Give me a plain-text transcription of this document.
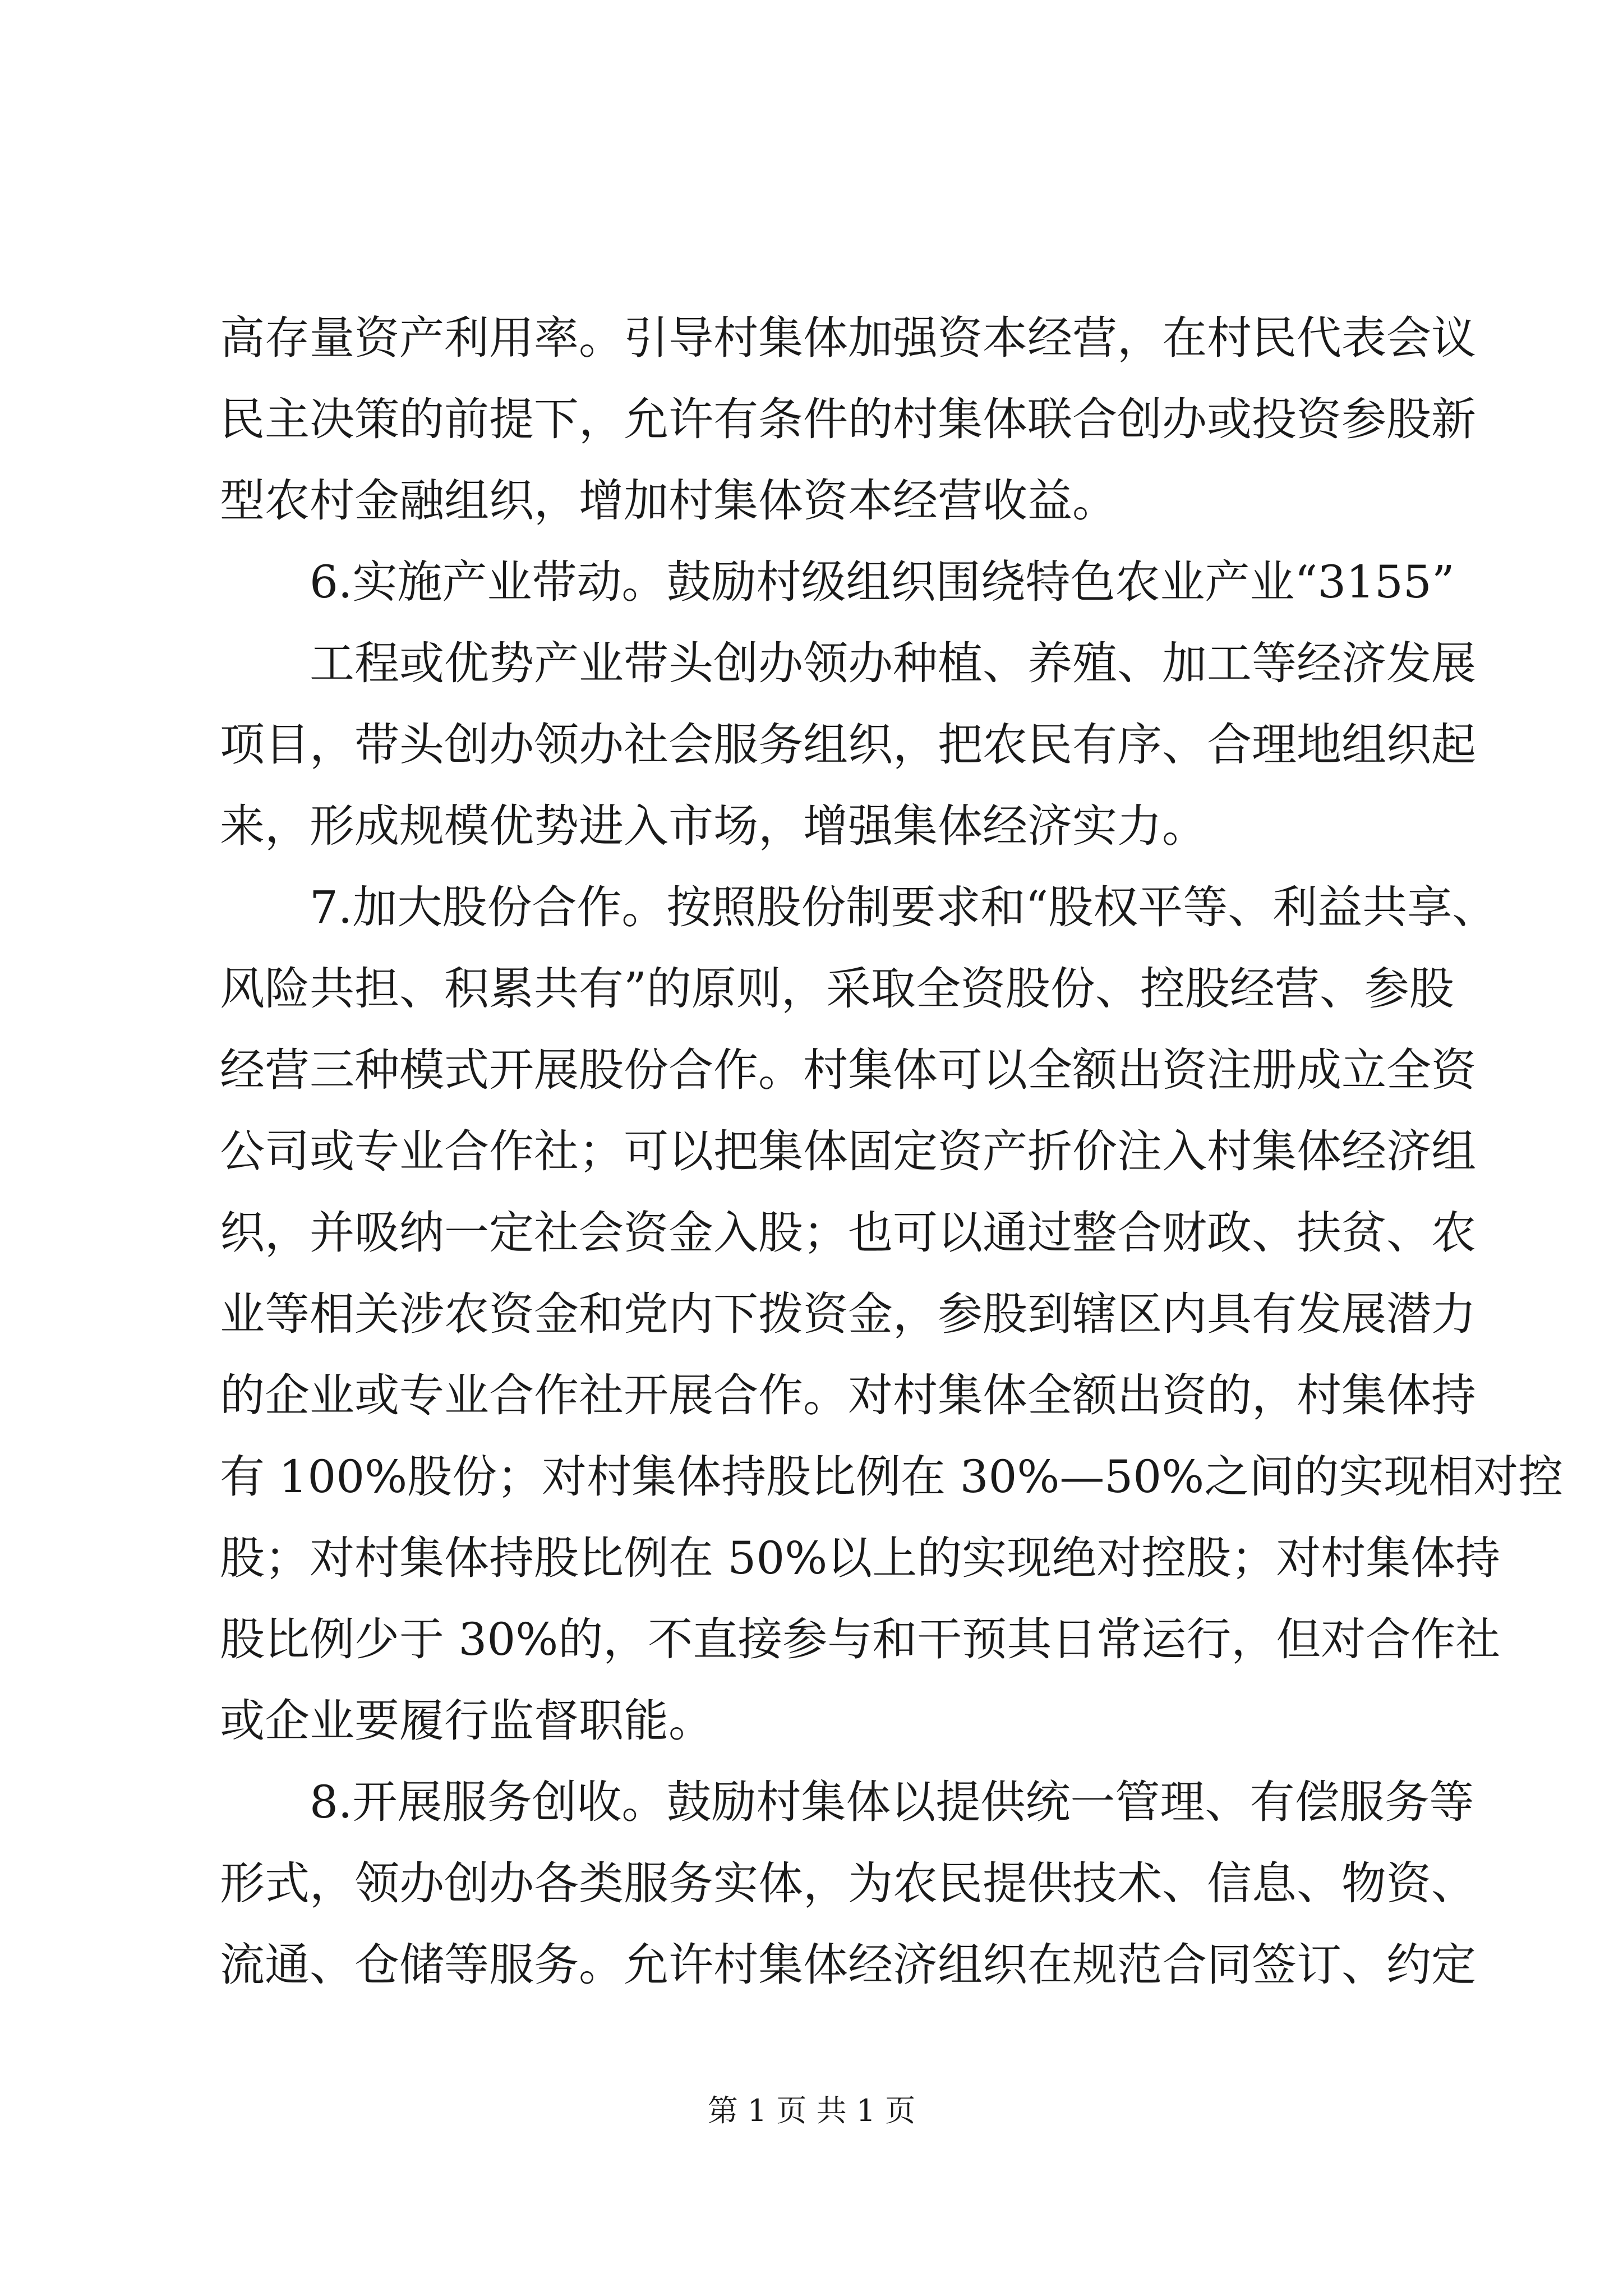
高存量资产利用率。引导村集体加强资本经营，在村民代表会议
民主决策的前提下，允许有条件的村集体联合创办或投资参股新
型农村金融组织，增加村集体资本经营收益。
6.实施产业带动。鼓励村级组织围绕特色农业产业“3155”
工程或优势产业带头创办领办种植、养殖、加工等经济发展
项目，带头创办领办社会服务组织，把农民有序、合理地组织起
来，形成规模优势进入市场，增强集体经济实力。
7.加大股份合作。按照股份制要求和“股权平等、利益共享、
风险共担、积累共有”的原则，采取全资股份、控股经营、参股
经营三种模式开展股份合作。村集体可以全额出资注册成立全资
公司或专业合作社；可以把集体固定资产折价注入村集体经济组
织，并吸纳一定社会资金入股；也可以通过整合财政、扶贫、农
业等相关涉农资金和党内下拨资金，参股到辖区内具有发展潜力
的企业或专业合作社开展合作。对村集体全额出资的，村集体持
有 100%股份；对村集体持股比例在 30%—50%之间的实现相对控
股；对村集体持股比例在 50%以上的实现绝对控股；对村集体持
股比例少于 30%的，不直接参与和干预其日常运行，但对合作社
或企业要履行监督职能。
8.开展服务创收。鼓励村集体以提供统一管理、有偿服务等
形式，领办创办各类服务实体，为农民提供技术、信息、物资、
流通、仓储等服务。允许村集体经济组织在规范合同签订、约定
第 1 页 共 1 页
